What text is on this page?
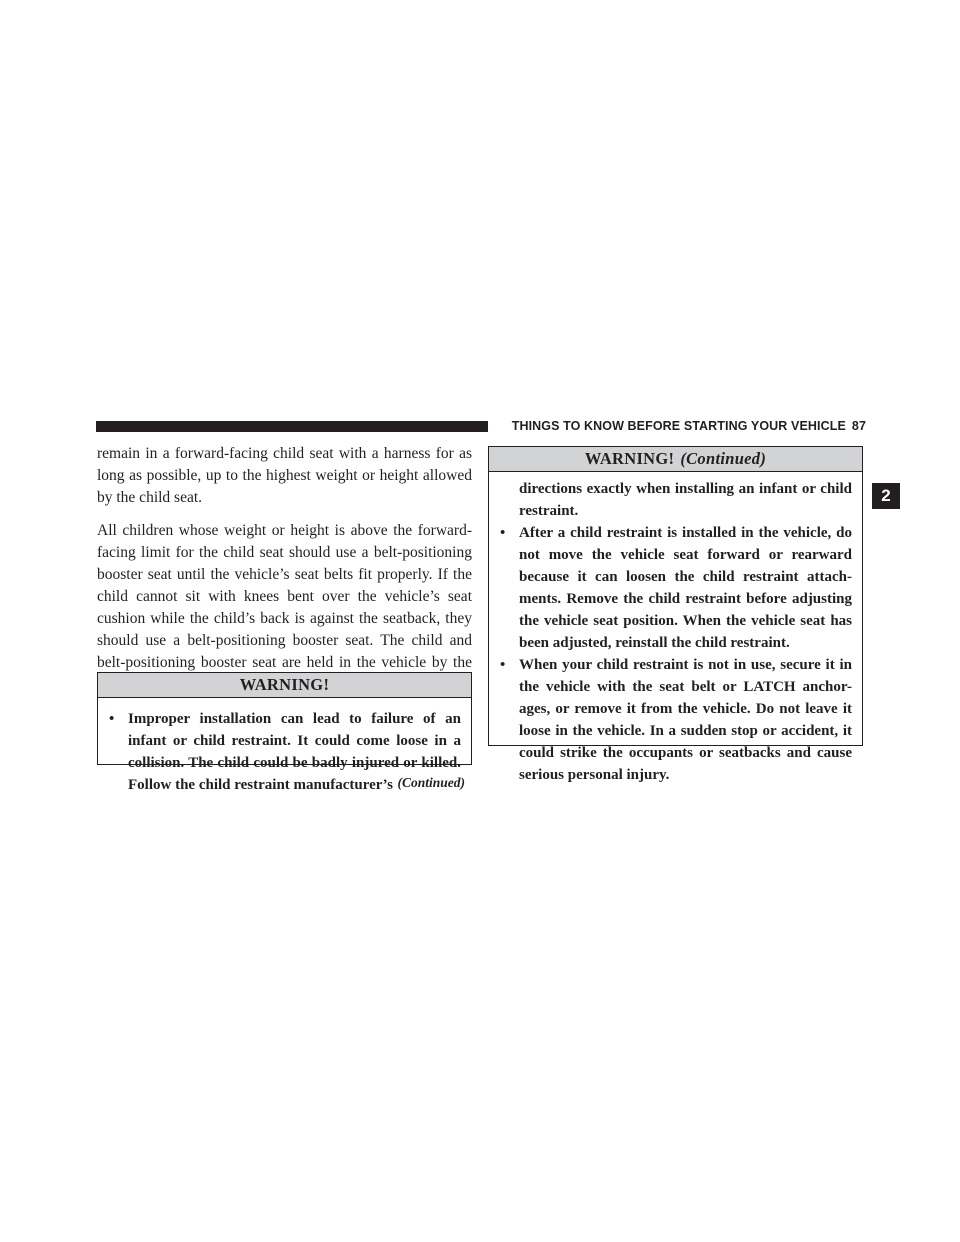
THINGS TO KNOW BEFORE STARTING YOUR VEHICLE 87
2

remain in a forward-facing child seat with a harness for as long as possible, up to the highest weight or height allowed by the child seat.

All children whose weight or height is above the forward-facing limit for the child seat should use a belt-positioning booster seat until the vehicle’s seat belts fit properly. If the child cannot sit with knees bent over the vehicle’s seat cushion while the child’s back is against the seatback, they should use a belt-positioning booster seat. The child and belt-positioning booster seat are held in the vehicle by the

WARNING!
• Improper installation can lead to failure of an infant or child restraint. It could come loose in a collision. The child could be badly injured or killed. Follow the child restraint manufacturer’s (Continued)
WARNING! (Continued)
directions exactly when installing an infant or child restraint.
• After a child restraint is installed in the vehicle, do not move the vehicle seat forward or rearward because it can loosen the child restraint attach-ments. Remove the child restraint before adjusting the vehicle seat position. When the vehicle seat has been adjusted, reinstall the child restraint.
• When your child restraint is not in use, secure it in the vehicle with the seat belt or LATCH anchor-ages, or remove it from the vehicle. Do not leave it loose in the vehicle. In a sudden stop or accident, it could strike the occupants or seatbacks and cause serious personal injury.
